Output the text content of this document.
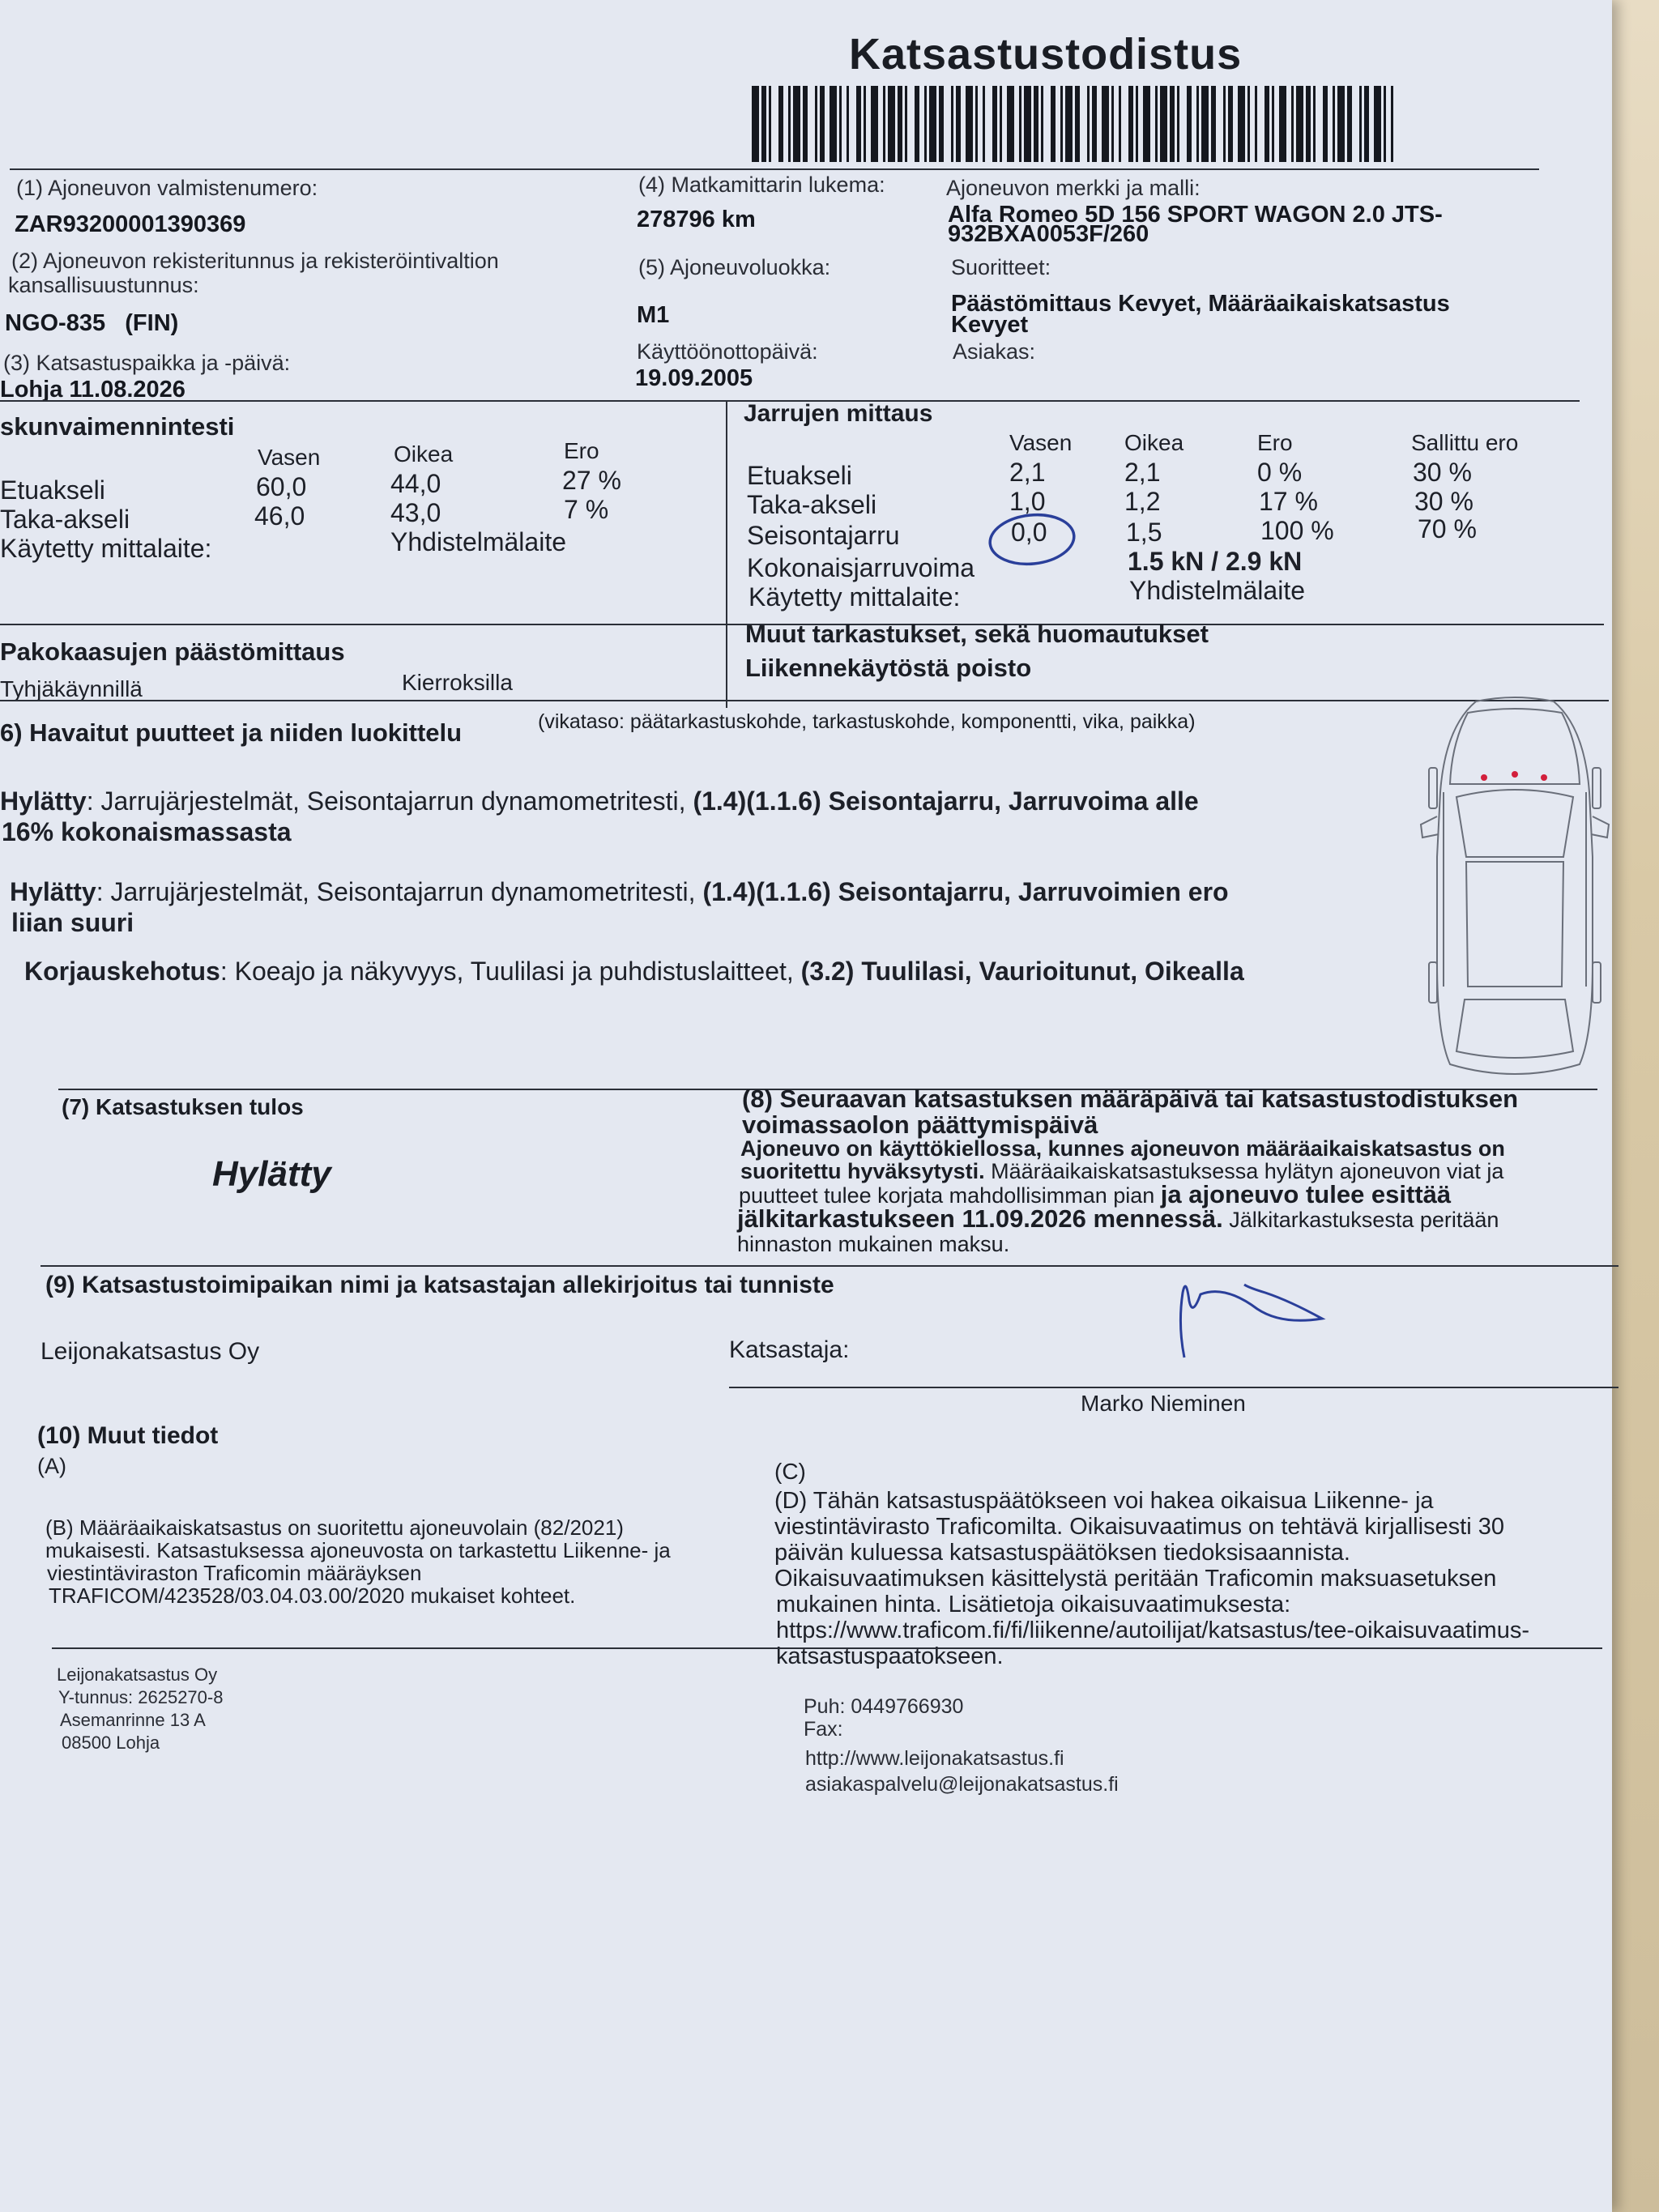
Katsastustodistus
(1) Ajoneuvon valmistenumero:
ZAR93200001390369
(2) Ajoneuvon rekisteritunnus ja rekisteröintivaltion
kansallisuustunnus:
NGO-835   (FIN)
(3) Katsastuspaikka ja -päivä:
Lohja 11.08.2026
(4) Matkamittarin lukema:
278796 km
(5) Ajoneuvoluokka:
M1
Käyttöönottopäivä:
19.09.2005
Ajoneuvon merkki ja malli:
Alfa Romeo 5D 156 SPORT WAGON 2.0 JTS-
932BXA0053F/260
Suoritteet:
Päästömittaus Kevyet, Määräaikaiskatsastus
Kevyet
Asiakas:
skunvaimennintesti
Vasen	Oikea	Ero
Etuakseli	60,0	44,0	27 %
Taka-akseli	46,0	43,0	7 %
Käytetty mittalaite:	Yhdistelmälaite
Jarrujen mittaus
Vasen Oikea	Ero	Sallittu ero
Etuakseli	2,1	2,1	0 %	30 %
Taka-akseli	1,0	1,2	17 %	30 %
Seisontajarru	0,0	1,5	100 %	70 %
Kokonaisjarruvoima	1.5 kN / 2.9 kN
Käytetty mittalaite:	Yhdistelmälaite
Pakokaasujen päästömittaus
Tyhjäkäynnillä	Kierroksilla
Muut tarkastukset, sekä huomautukset
Liikennekäytöstä poisto
6) Havaitut puutteet ja niiden luokittelu	(vikataso: päätarkastuskohde, tarkastuskohde, komponentti, vika, paikka)
Hylätty: Jarrujärjestelmät, Seisontajarrun dynamometritesti, (1.4)(1.1.6) Seisontajarru, Jarruvoima alle
16% kokonaismassasta
Hylätty: Jarrujärjestelmät, Seisontajarrun dynamometritesti, (1.4)(1.1.6) Seisontajarru, Jarruvoimien ero
liian suuri
Korjauskehotus: Koeajo ja näkyvyys, Tuulilasi ja puhdistuslaitteet, (3.2) Tuulilasi, Vaurioitunut, Oikealla
(7) Katsastuksen tulos
Hylätty
(8) Seuraavan katsastuksen määräpäivä tai katsastustodistuksen
voimassaolon päättymispäivä
Ajoneuvo on käyttökiellossa, kunnes ajoneuvon määräaikaiskatsastus on
suoritettu hyväksytysti. Määräaikaiskatsastuksessa hylätyn ajoneuvon viat ja
puutteet tulee korjata mahdollisimman pian ja ajoneuvo tulee esittää
jälkitarkastukseen 11.09.2026 mennessä. Jälkitarkastuksesta peritään
hinnaston mukainen maksu.
(9) Katsastustoimipaikan nimi ja katsastajan allekirjoitus tai tunniste
Leijonakatsastus Oy	Katsastaja:
Marko Nieminen
(10) Muut tiedot
(A)
(B) Määräaikaiskatsastus on suoritettu ajoneuvolain (82/2021)
mukaisesti. Katsastuksessa ajoneuvosta on tarkastettu Liikenne- ja
viestintäviraston Traficomin määräyksen
TRAFICOM/423528/03.04.03.00/2020 mukaiset kohteet.
(C)
(D) Tähän katsastuspäätökseen voi hakea oikaisua Liikenne- ja
viestintävirasto Traficomilta. Oikaisuvaatimus on tehtävä kirjallisesti 30
päivän kuluessa katsastuspäätöksen tiedoksisaannista.
Oikaisuvaatimuksen käsittelystä peritään Traficomin maksuasetuksen
mukainen hinta. Lisätietoja oikaisuvaatimuksesta:
https://www.traficom.fi/fi/liikenne/autoilijat/katsastus/tee-oikaisuvaatimus-
katsastuspaatokseen.
Leijonakatsastus Oy
Y-tunnus: 2625270-8
Asemanrinne 13 A
08500 Lohja
Puh: 0449766930
Fax:
http://www.leijonakatsastus.fi
asiakaspalvelu@leijonakatsastus.fi
